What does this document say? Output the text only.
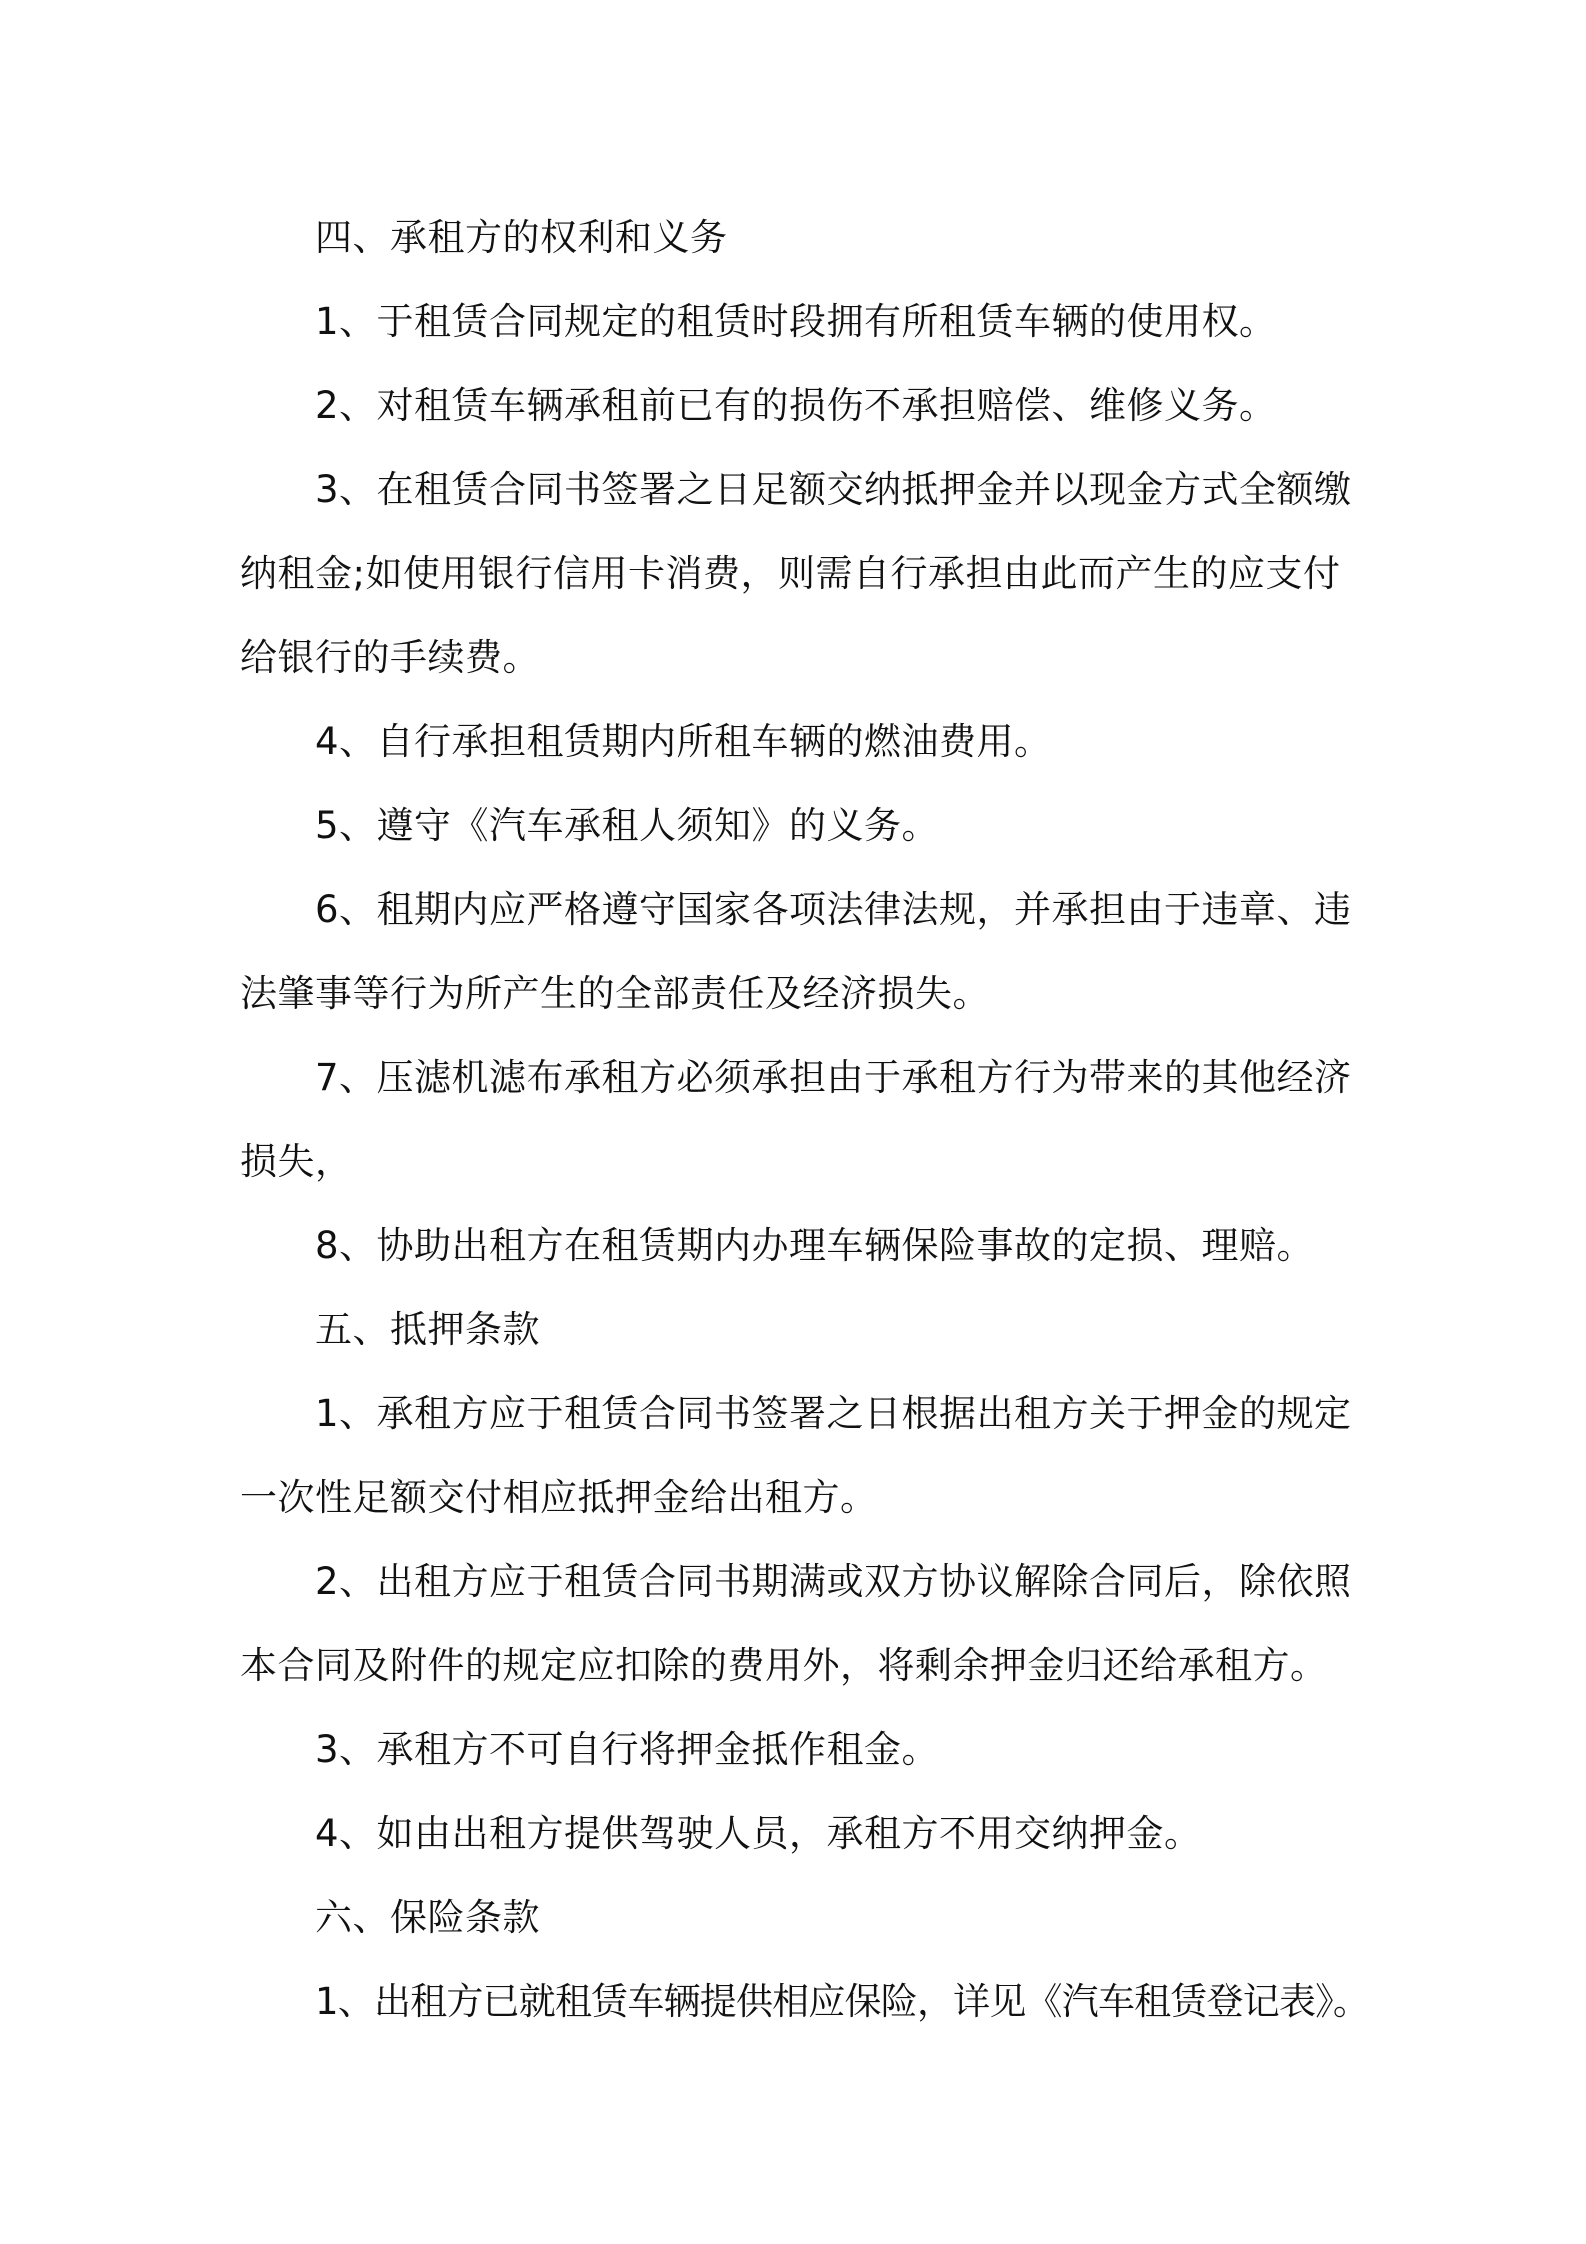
四、承租方的权利和义务
1、于租赁合同规定的租赁时段拥有所租赁车辆的使用权。
2、对租赁车辆承租前已有的损伤不承担赔偿、维修义务。
3、在租赁合同书签署之日足额交纳抵押金并以现金方式全额缴
纳租金;如使用银行信用卡消费，则需自行承担由此而产生的应支付
给银行的手续费。
4、自行承担租赁期内所租车辆的燃油费用。
5、遵守《汽车承租人须知》的义务。
6、租期内应严格遵守国家各项法律法规，并承担由于违章、违
法肇事等行为所产生的全部责任及经济损失。
7、压滤机滤布承租方必须承担由于承租方行为带来的其他经济
损失，
8、协助出租方在租赁期内办理车辆保险事故的定损、理赔。
五、抵押条款
1、承租方应于租赁合同书签署之日根据出租方关于押金的规定
一次性足额交付相应抵押金给出租方。
2、出租方应于租赁合同书期满或双方协议解除合同后，除依照
本合同及附件的规定应扣除的费用外，将剩余押金归还给承租方。
3、承租方不可自行将押金抵作租金。
4、如由出租方提供驾驶人员，承租方不用交纳押金。
六、保险条款
1、出租方已就租赁车辆提供相应保险，详见《汽车租赁登记表》。
